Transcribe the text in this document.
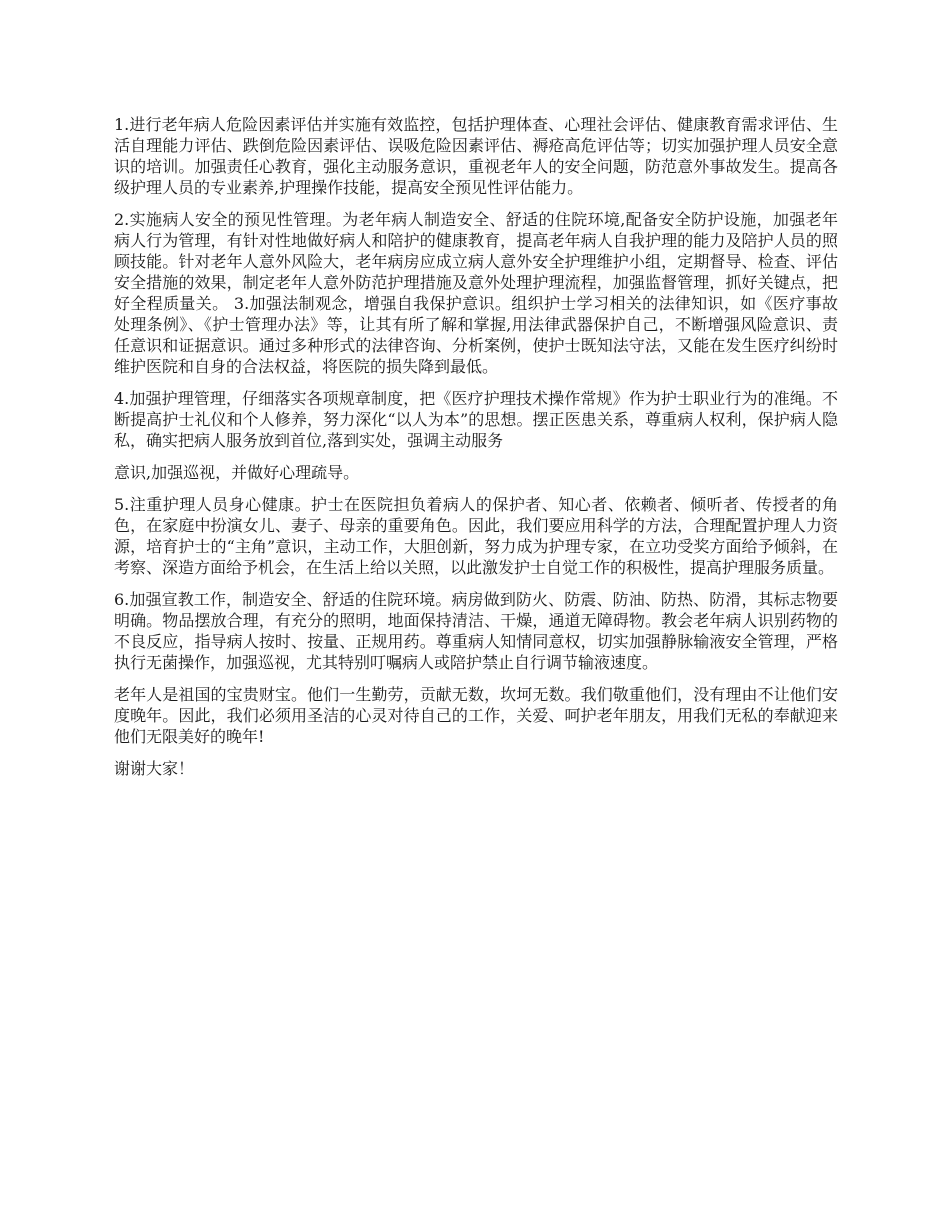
1.进行老年病人危险因素评估并实施有效监控，包括护理体查、心理社会评估、健康教育需求评估、生活自理能力评估、跌倒危险因素评估、误吸危险因素评估、褥疮高危评估等；切实加强护理人员安全意识的培训。加强责任心教育，强化主动服务意识，重视老年人的安全问题，防范意外事故发生。提高各级护理人员的专业素养,护理操作技能，提高安全预见性评估能力。

2.实施病人安全的预见性管理。为老年病人制造安全、舒适的住院环境,配备安全防护设施，加强老年病人行为管理，有针对性地做好病人和陪护的健康教育，提高老年病人自我护理的能力及陪护人员的照顾技能。针对老年人意外风险大，老年病房应成立病人意外安全护理维护小组，定期督导、检查、评估安全措施的效果，制定老年人意外防范护理措施及意外处理护理流程，加强监督管理，抓好关键点，把好全程质量关。 3.加强法制观念，增强自我保护意识。组织护士学习相关的法律知识，如《医疗事故处理条例》、《护士管理办法》等，让其有所了解和掌握,用法律武器保护自己，不断增强风险意识、责任意识和证据意识。通过多种形式的法律咨询、分析案例，使护士既知法守法，又能在发生医疗纠纷时维护医院和自身的合法权益，将医院的损失降到最低。

4.加强护理管理，仔细落实各项规章制度，把《医疗护理技术操作常规》作为护士职业行为的准绳。不断提高护士礼仪和个人修养，努力深化“以人为本”的思想。摆正医患关系，尊重病人权利，保护病人隐私，确实把病人服务放到首位,落到实处，强调主动服务

意识,加强巡视，并做好心理疏导。

5.注重护理人员身心健康。护士在医院担负着病人的保护者、知心者、依赖者、倾听者、传授者的角色，在家庭中扮演女儿、妻子、母亲的重要角色。因此，我们要应用科学的方法，合理配置护理人力资源，培育护士的“主角”意识，主动工作，大胆创新，努力成为护理专家，在立功受奖方面给予倾斜，在考察、深造方面给予机会，在生活上给以关照，以此激发护士自觉工作的积极性，提高护理服务质量。

6.加强宣教工作，制造安全、舒适的住院环境。病房做到防火、防震、防油、防热、防滑，其标志物要明确。物品摆放合理，有充分的照明，地面保持清洁、干燥，通道无障碍物。教会老年病人识别药物的不良反应，指导病人按时、按量、正规用药。尊重病人知情同意权，切实加强静脉输液安全管理，严格执行无菌操作，加强巡视，尤其特别叮嘱病人或陪护禁止自行调节输液速度。

老年人是祖国的宝贵财宝。他们一生勤劳，贡献无数，坎坷无数。我们敬重他们，没有理由不让他们安度晚年。因此，我们必须用圣洁的心灵对待自己的工作，关爱、呵护老年朋友，用我们无私的奉献迎来他们无限美好的晚年!

谢谢大家！
